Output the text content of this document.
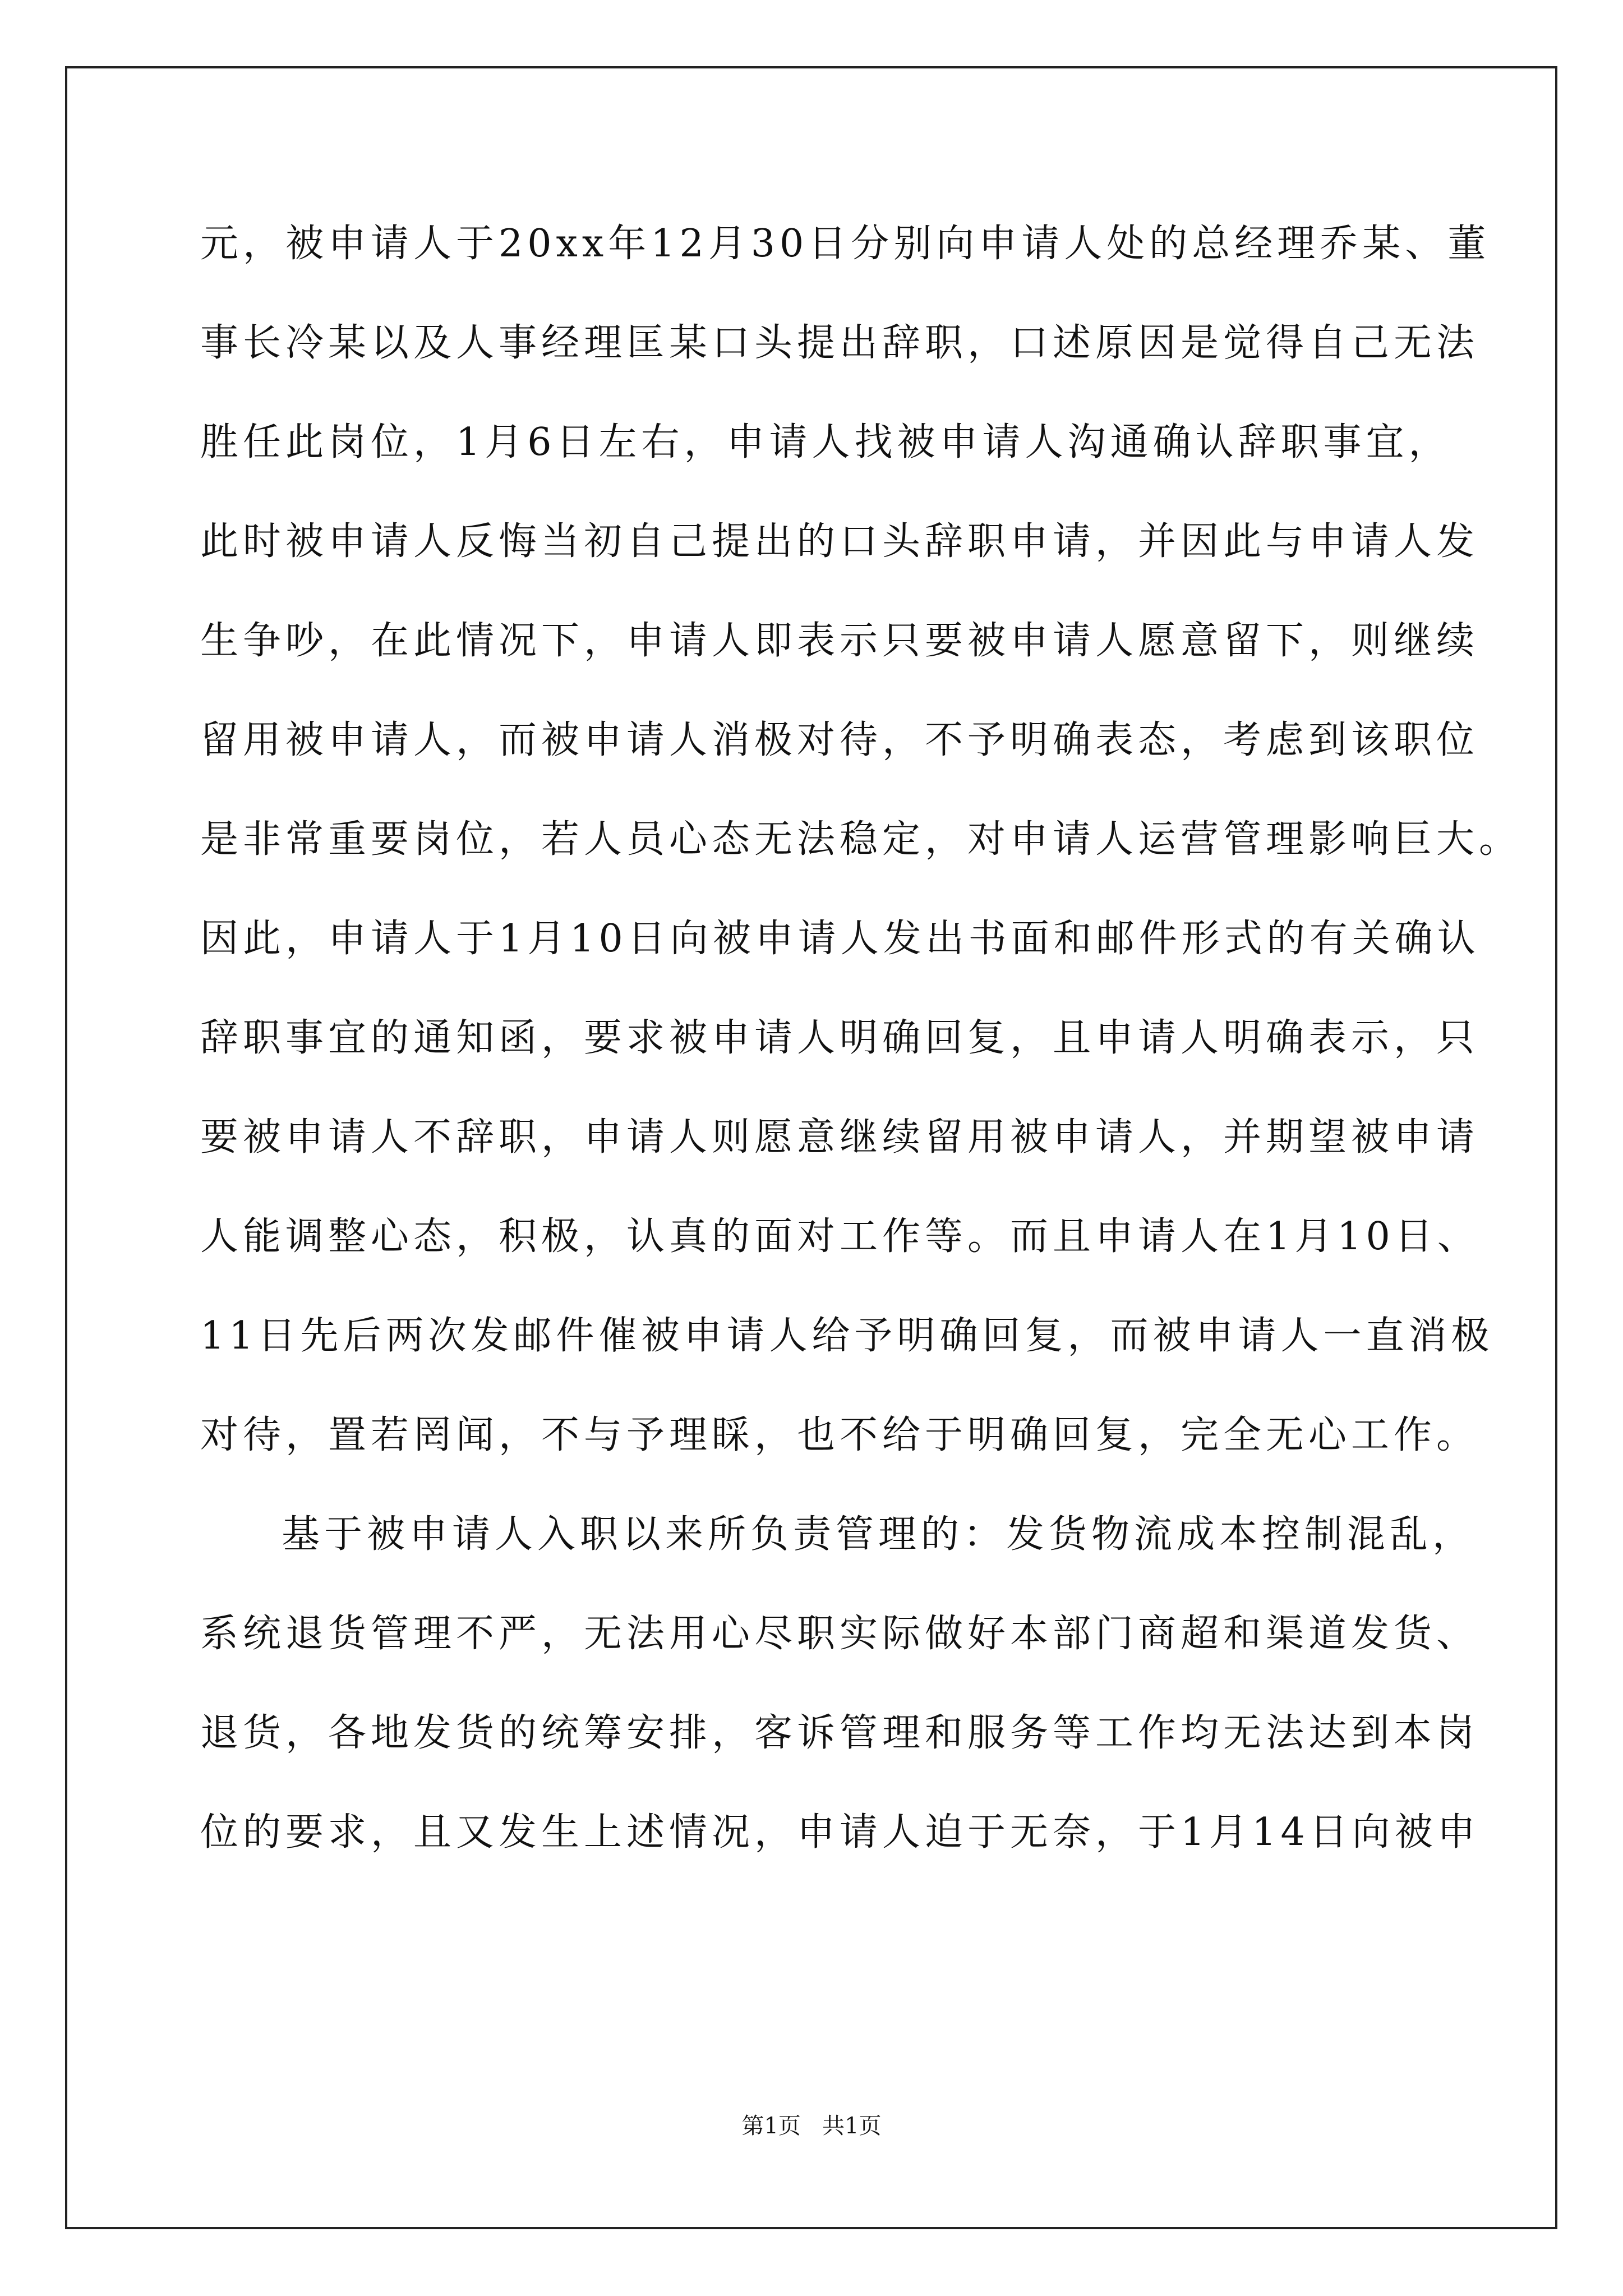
元，被申请人于20xx年12月30日分别向申请人处的总经理乔某、董
事长冷某以及人事经理匡某口头提出辞职，口述原因是觉得自己无法
胜任此岗位，1月6日左右，申请人找被申请人沟通确认辞职事宜，
此时被申请人反悔当初自己提出的口头辞职申请，并因此与申请人发
生争吵，在此情况下，申请人即表示只要被申请人愿意留下，则继续
留用被申请人，而被申请人消极对待，不予明确表态，考虑到该职位
是非常重要岗位，若人员心态无法稳定，对申请人运营管理影响巨大。
因此，申请人于1月10日向被申请人发出书面和邮件形式的有关确认
辞职事宜的通知函，要求被申请人明确回复，且申请人明确表示，只
要被申请人不辞职，申请人则愿意继续留用被申请人，并期望被申请
人能调整心态，积极，认真的面对工作等。而且申请人在1月10日、
11日先后两次发邮件催被申请人给予明确回复，而被申请人一直消极
对待，置若罔闻，不与予理睬，也不给于明确回复，完全无心工作。
基于被申请人入职以来所负责管理的：发货物流成本控制混乱，
系统退货管理不严，无法用心尽职实际做好本部门商超和渠道发货、
退货，各地发货的统筹安排，客诉管理和服务等工作均无法达到本岗
位的要求，且又发生上述情况，申请人迫于无奈，于1月14日向被申
第1页   共1页
